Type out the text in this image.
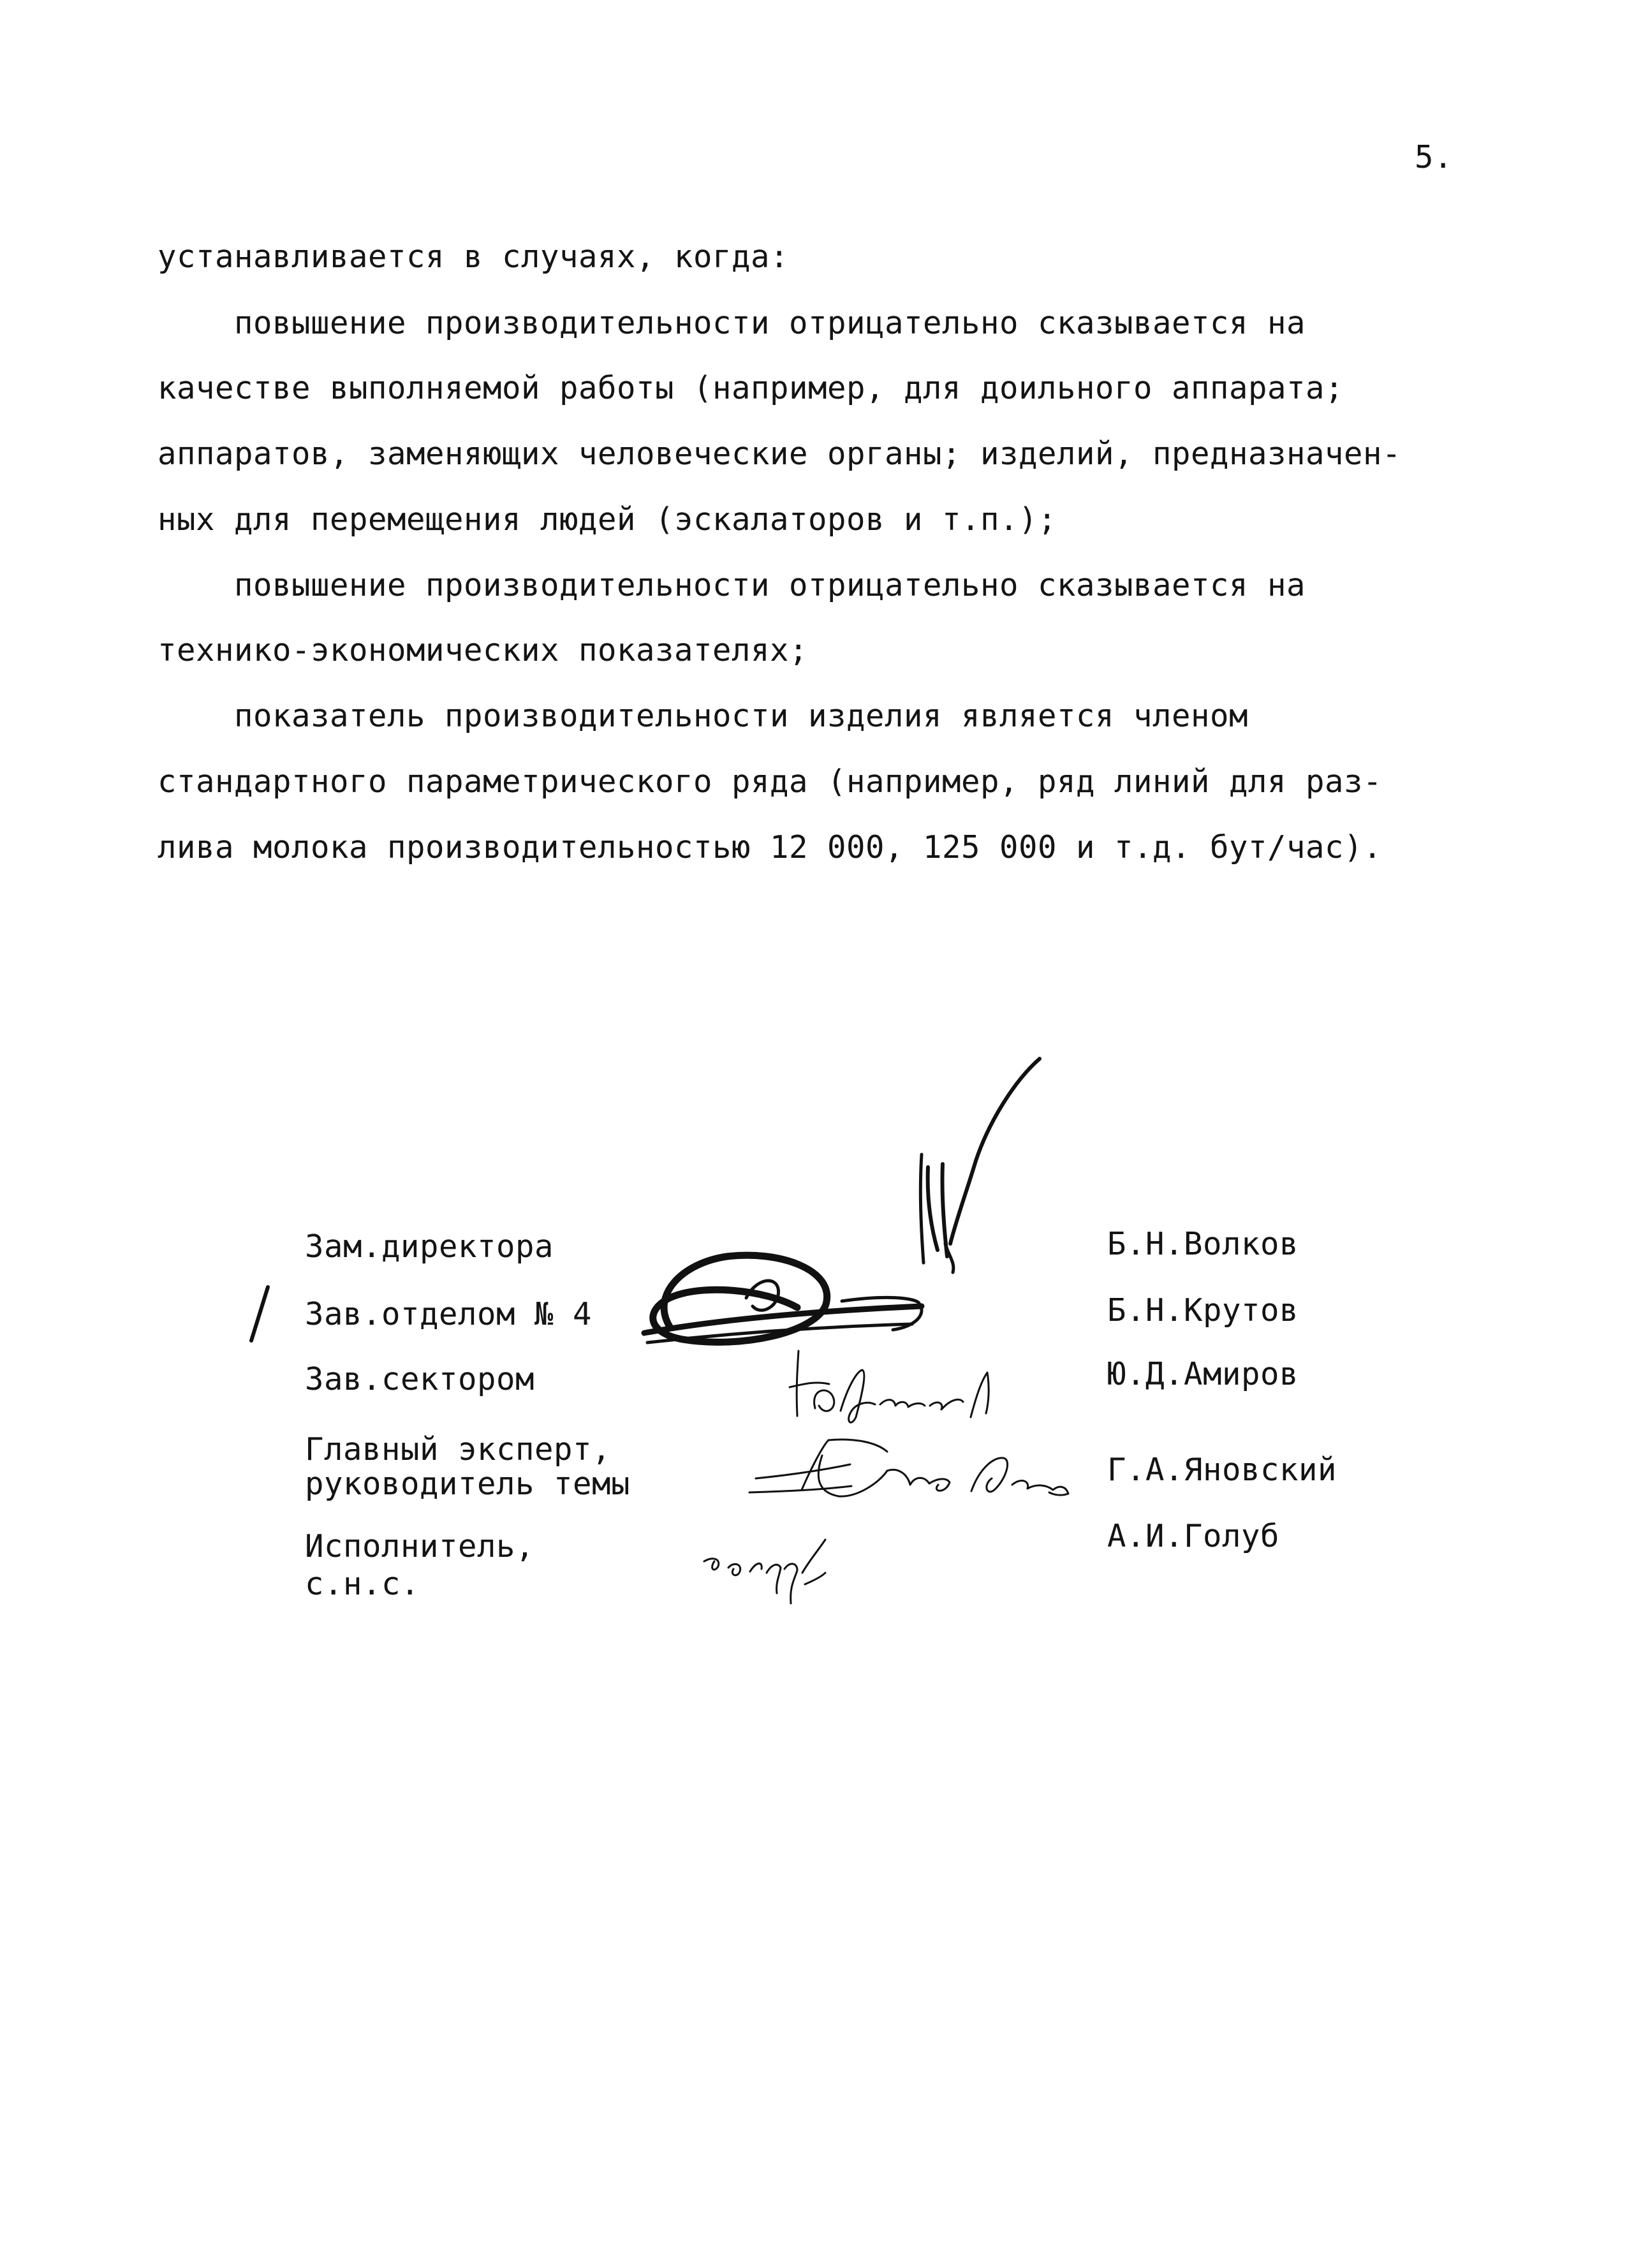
5.
устанавливается в случаях, когда:
повышение производительности отрицательно сказывается на
качестве выполняемой работы (например, для доильного аппарата;
аппаратов, заменяющих человеческие органы; изделий, предназначен-
ных для перемещения людей (эскалаторов и т.п.);
повышение производительности отрицательно сказывается на
технико-экономических показателях;
показатель производительности изделия является членом
стандартного параметрического ряда (например, ряд линий для раз-
лива молока производительностью 12 000, 125 000 и т.д. бут/час).
Зам.директора
Зав.отделом № 4
Зав.сектором
Главный эксперт,
руководитель темы
Исполнитель,
с.н.с.
Б.Н.Волков
Б.Н.Крутов
Ю.Д.Амиров
Г.А.Яновский
А.И.Голуб
